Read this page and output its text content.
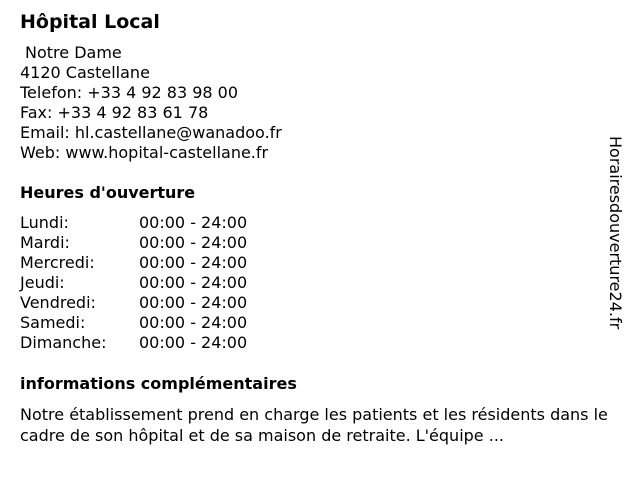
Hôpital Local
Notre Dame
4120 Castellane
Telefon: +33 4 92 83 98 00
Fax: +33 4 92 83 61 78
Email: hl.castellane@wanadoo.fr
Web: www.hopital-castellane.fr
Heures d'ouverture
Lundi:	00:00 - 24:00
Mardi:	00:00 - 24:00
Mercredi:	00:00 - 24:00
Jeudi:	00:00 - 24:00
Vendredi:	00:00 - 24:00
Samedi:	00:00 - 24:00
Dimanche:	00:00 - 24:00
informations complémentaires
Notre établissement prend en charge les patients et les résidents dans le cadre de son hôpital et de sa maison de retraite. L'équipe ...
Horairesdouverture24.fr
